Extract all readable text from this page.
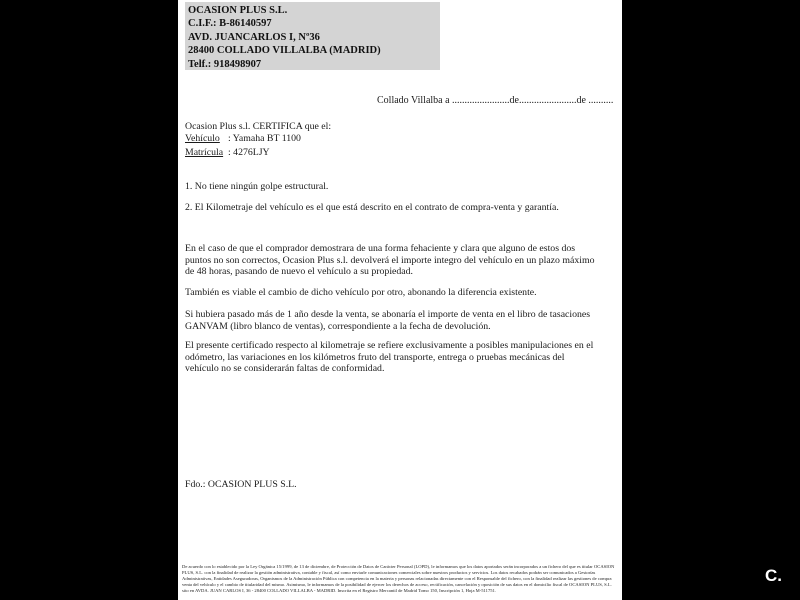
OCASION PLUS S.L.
C.I.F.: B-86140597
AVD. JUANCARLOS I, Nº36
28400 COLLADO VILLALBA (MADRID)
Telf.: 918498907
Collado Villalba a .......................de.......................de ..........

Ocasion Plus s.l. CERTIFICA que el:

Vehículo : Yamaha BT 1100
Matrícula : 4276LJY

1. No tiene ningún golpe estructural.

2. El Kilometraje del vehículo es el que está descrito en el contrato de compra-venta y garantía.

En el caso de que el comprador demostrara de una forma fehaciente y clara que alguno de estos dos puntos no son correctos, Ocasion Plus s.l. devolverá el importe integro del vehículo en un plazo máximo de 48 horas, pasando de nuevo el vehículo a su propiedad.

También es viable el cambio de dicho vehículo por otro, abonando la diferencia existente.

Si hubiera pasado más de 1 año desde la venta, se abonaría el importe de venta en el libro de tasaciones GANVAM (libro blanco de ventas), correspondiente a la fecha de devolución.

El presente certificado respecto al kilometraje se refiere exclusivamente a posibles manipulaciones en el odómetro, las variaciones en los kilómetros fruto del transporte, entrega o pruebas mecánicas del vehículo no se considerarán faltas de conformidad.

Fdo.: OCASION PLUS S.L.

De acuerdo con lo establecido por la Ley Orgánica 15/1999, de 13 de diciembre, de Protección de Datos de Carácter Personal (LOPD), le informamos que los datos aportados serán incorporados a un fichero del que es titular OCASION PLUS, S.L. con la finalidad de realizar la gestión administrativa, contable y fiscal, así como enviarle comunicaciones comerciales sobre nuestros productos y servicios. Los datos recabados podrán ser comunicados a Gestorías Administrativas, Entidades Aseguradoras, Organismos de la Administración Pública con competencia en la materia y personas relacionadas directamente con el Responsable del fichero, con la finalidad realizar las gestiones de compra venta del vehículo y el cambio de titularidad del mismo. Asimismo, le informamos de la posibilidad de ejercer los derechos de acceso, rectificación, cancelación y oposición de sus datos en el domicilio fiscal de OCASION PLUS, S.L. sito en AVDA. JUAN CARLOS I, 36 - 28400 COLLADO VILLALBA - MADRID. Inscrita en el Registro Mercantil de Madrid Tomo 150, Inscripción 1, Hoja M-511751.

C.
